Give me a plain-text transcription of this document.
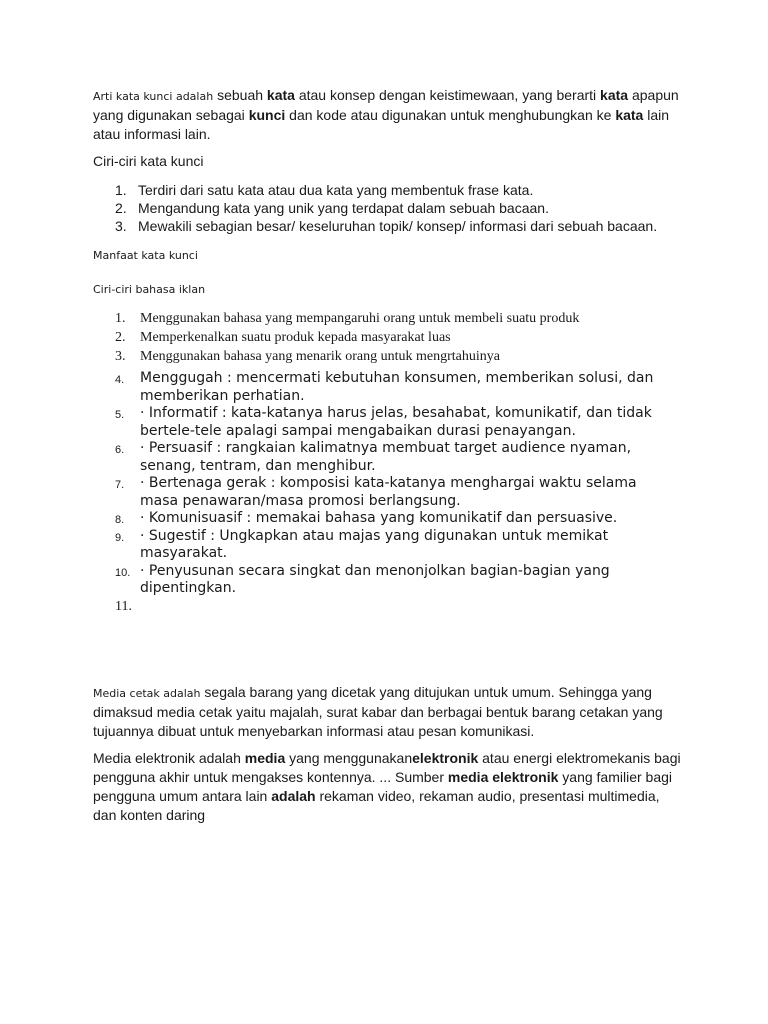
Arti kata kunci adalah sebuah kata atau konsep dengan keistimewaan, yang berarti kata apapun yang digunakan sebagai kunci dan kode atau digunakan untuk menghubungkan ke kata lain atau informasi lain.

Ciri-ciri kata kunci

1. Terdiri dari satu kata atau dua kata yang membentuk frase kata.
2. Mengandung kata yang unik yang terdapat dalam sebuah bacaan.
3. Mewakili sebagian besar/ keseluruhan topik/ konsep/ informasi dari sebuah bacaan.

Manfaat kata kunci

Ciri-ciri bahasa iklan

1. Menggunakan bahasa yang mempangaruhi orang untuk membeli suatu produk
2. Memperkenalkan suatu produk kepada masyarakat luas
3. Menggunakan bahasa yang menarik orang untuk mengrtahuinya
4. Menggugah : mencermati kebutuhan konsumen, memberikan solusi, dan memberikan perhatian.
5. · Informatif : kata-katanya harus jelas, besahabat, komunikatif, dan tidak bertele-tele apalagi sampai mengabaikan durasi penayangan.
6. · Persuasif : rangkaian kalimatnya membuat target audience nyaman, senang, tentram, dan menghibur.
7. · Bertenaga gerak : komposisi kata-katanya menghargai waktu selama masa penawaran/masa promosi berlangsung.
8. · Komunisuasif : memakai bahasa yang komunikatif dan persuasive.
9. · Sugestif : Ungkapkan atau majas yang digunakan untuk memikat masyarakat.
10. · Penyusunan secara singkat dan menonjolkan bagian-bagian yang dipentingkan.
11.

Media cetak adalah segala barang yang dicetak yang ditujukan untuk umum. Sehingga yang dimaksud media cetak yaitu majalah, surat kabar dan berbagai bentuk barang cetakan yang tujuannya dibuat untuk menyebarkan informasi atau pesan komunikasi.

Media elektronik adalah media yang menggunakanelektronik atau energi elektromekanis bagi pengguna akhir untuk mengakses kontennya. ... Sumber media elektronik yang familier bagi pengguna umum antara lain adalah rekaman video, rekaman audio, presentasi multimedia, dan konten daring
